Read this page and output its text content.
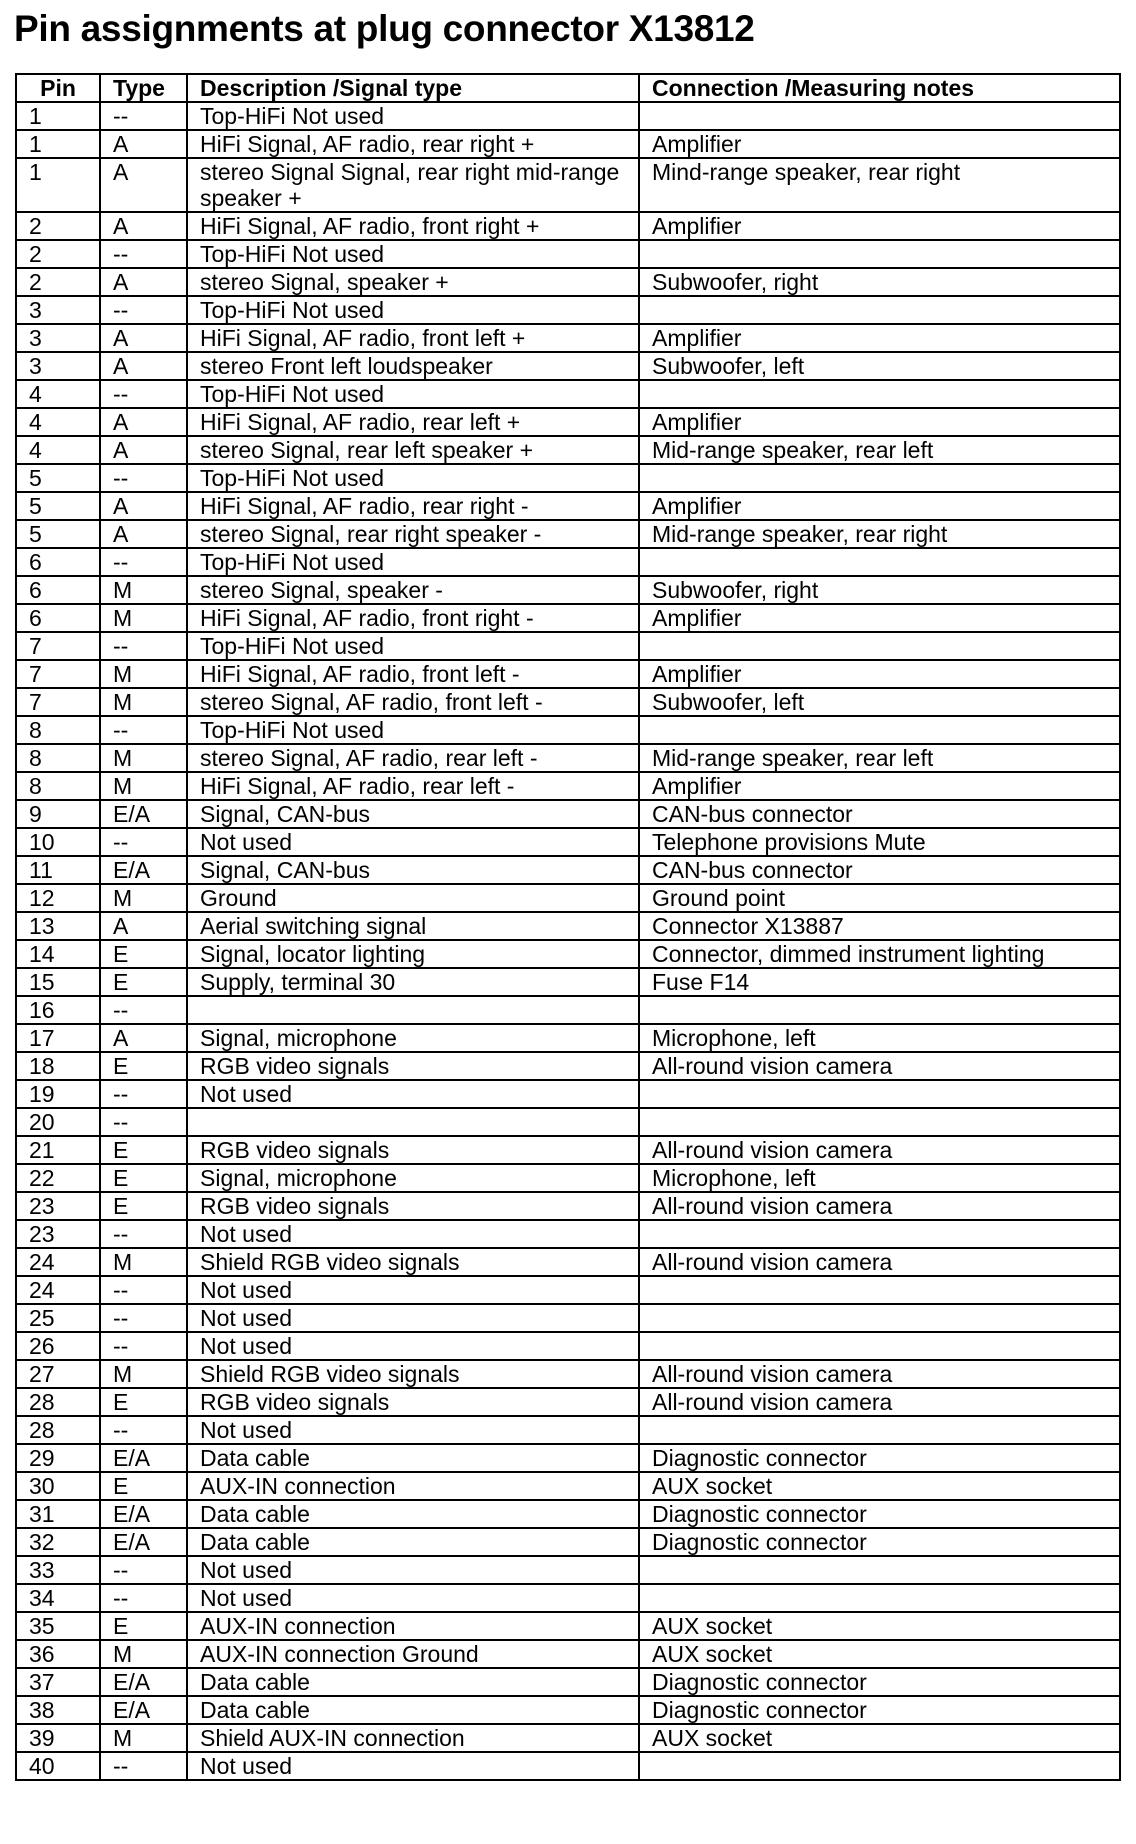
Pin assignments at plug connector X13812
Pin	Type	Description /Signal type	Connection /Measuring notes
1	--	Top-HiFi Not used	
1	A	HiFi Signal, AF radio, rear right +	Amplifier
1	A	stereo Signal Signal, rear right mid-range speaker +	Mind-range speaker, rear right
2	A	HiFi Signal, AF radio, front right +	Amplifier
2	--	Top-HiFi Not used	
2	A	stereo Signal, speaker +	Subwoofer, right
3	--	Top-HiFi Not used	
3	A	HiFi Signal, AF radio, front left +	Amplifier
3	A	stereo Front left loudspeaker	Subwoofer, left
4	--	Top-HiFi Not used	
4	A	HiFi Signal, AF radio, rear left +	Amplifier
4	A	stereo Signal, rear left speaker +	Mid-range speaker, rear left
5	--	Top-HiFi Not used	
5	A	HiFi Signal, AF radio, rear right -	Amplifier
5	A	stereo Signal, rear right speaker -	Mid-range speaker, rear right
6	--	Top-HiFi Not used	
6	M	stereo Signal, speaker -	Subwoofer, right
6	M	HiFi Signal, AF radio, front right -	Amplifier
7	--	Top-HiFi Not used	
7	M	HiFi Signal, AF radio, front left -	Amplifier
7	M	stereo Signal, AF radio, front left -	Subwoofer, left
8	--	Top-HiFi Not used	
8	M	stereo Signal, AF radio, rear left -	Mid-range speaker, rear left
8	M	HiFi Signal, AF radio, rear left -	Amplifier
9	E/A	Signal, CAN-bus	CAN-bus connector
10	--	Not used	Telephone provisions Mute
11	E/A	Signal, CAN-bus	CAN-bus connector
12	M	Ground	Ground point
13	A	Aerial switching signal	Connector X13887
14	E	Signal, locator lighting	Connector, dimmed instrument lighting
15	E	Supply, terminal 30	Fuse F14
16	--		
17	A	Signal, microphone	Microphone, left
18	E	RGB video signals	All-round vision camera
19	--	Not used	
20	--		
21	E	RGB video signals	All-round vision camera
22	E	Signal, microphone	Microphone, left
23	E	RGB video signals	All-round vision camera
23	--	Not used	
24	M	Shield RGB video signals	All-round vision camera
24	--	Not used	
25	--	Not used	
26	--	Not used	
27	M	Shield RGB video signals	All-round vision camera
28	E	RGB video signals	All-round vision camera
28	--	Not used	
29	E/A	Data cable	Diagnostic connector
30	E	AUX-IN connection	AUX socket
31	E/A	Data cable	Diagnostic connector
32	E/A	Data cable	Diagnostic connector
33	--	Not used	
34	--	Not used	
35	E	AUX-IN connection	AUX socket
36	M	AUX-IN connection Ground	AUX socket
37	E/A	Data cable	Diagnostic connector
38	E/A	Data cable	Diagnostic connector
39	M	Shield AUX-IN connection	AUX socket
40	--	Not used	
